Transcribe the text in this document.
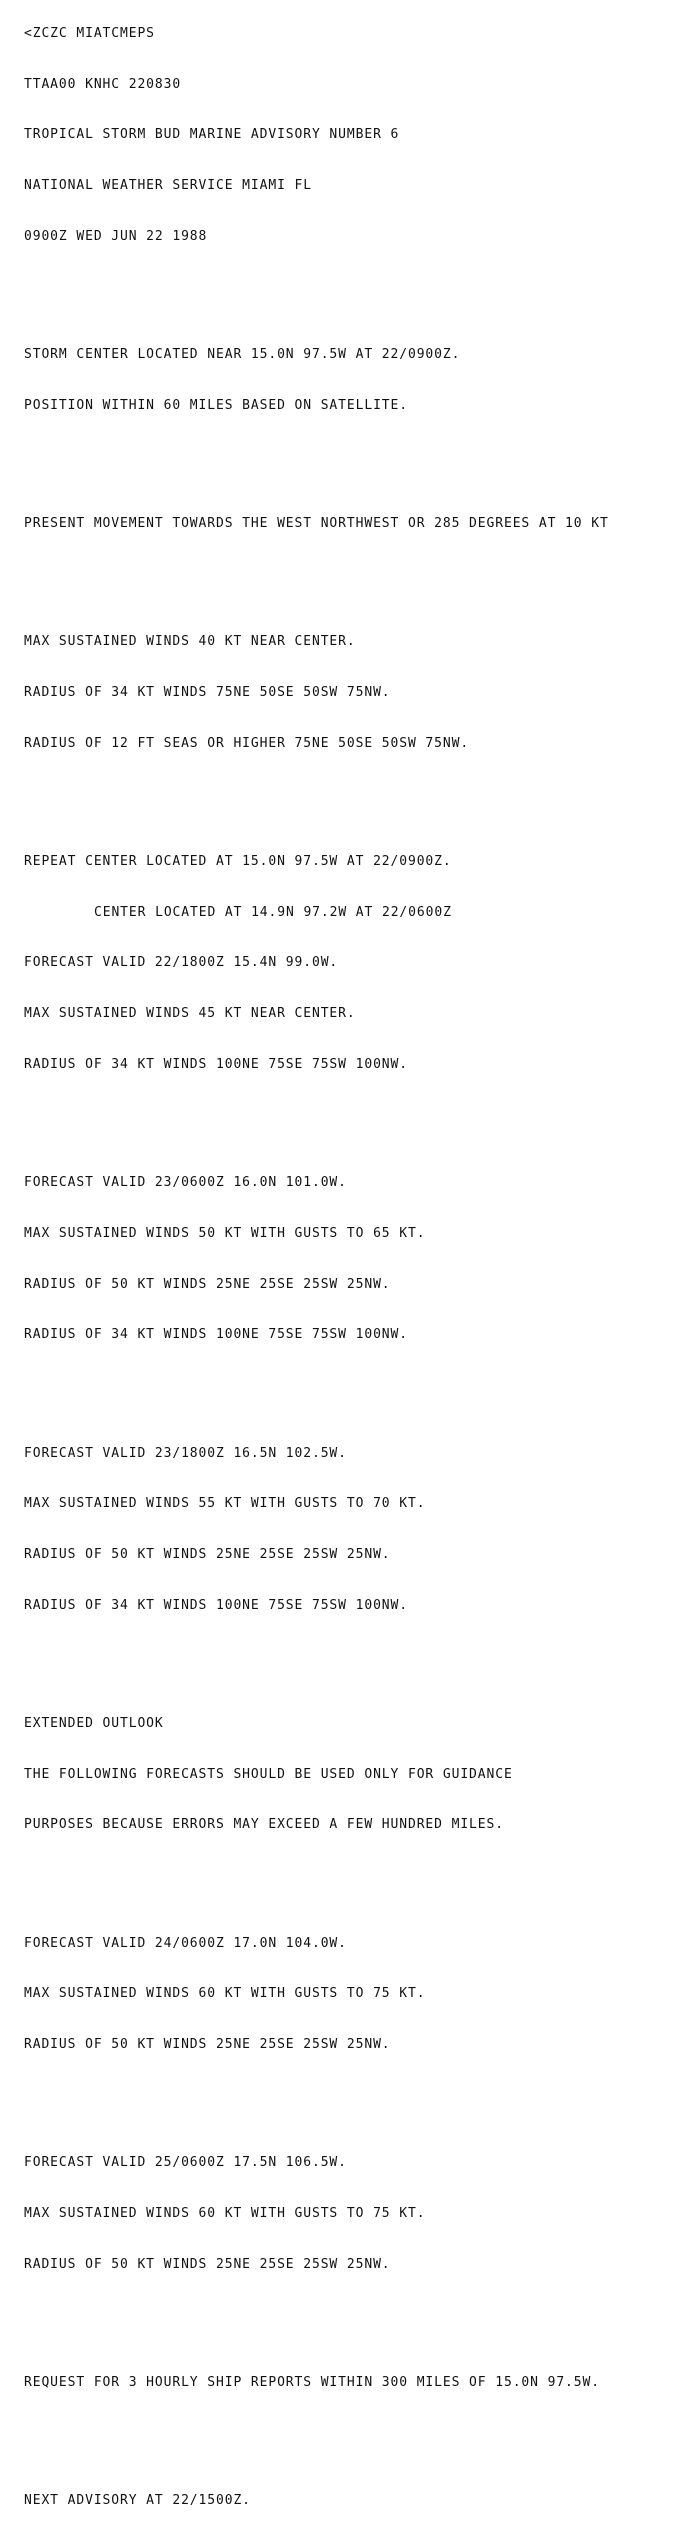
<ZCZC MIATCMEPS

TTAA00 KNHC 220830

TROPICAL STORM BUD MARINE ADVISORY NUMBER 6

NATIONAL WEATHER SERVICE MIAMI FL

0900Z WED JUN 22 1988

STORM CENTER LOCATED NEAR 15.0N 97.5W AT 22/0900Z.

POSITION WITHIN 60 MILES BASED ON SATELLITE.

PRESENT MOVEMENT TOWARDS THE WEST NORTHWEST OR 285 DEGREES AT 10 KT

MAX SUSTAINED WINDS 40 KT NEAR CENTER.

RADIUS OF 34 KT WINDS 75NE 50SE 50SW 75NW.

RADIUS OF 12 FT SEAS OR HIGHER 75NE 50SE 50SW 75NW.

REPEAT CENTER LOCATED AT 15.0N 97.5W AT 22/0900Z.

CENTER LOCATED AT 14.9N 97.2W AT 22/0600Z

FORECAST VALID 22/1800Z 15.4N 99.0W.

MAX SUSTAINED WINDS 45 KT NEAR CENTER.

RADIUS OF 34 KT WINDS 100NE 75SE 75SW 100NW.

FORECAST VALID 23/0600Z 16.0N 101.0W.

MAX SUSTAINED WINDS 50 KT WITH GUSTS TO 65 KT.

RADIUS OF 50 KT WINDS 25NE 25SE 25SW 25NW.

RADIUS OF 34 KT WINDS 100NE 75SE 75SW 100NW.

FORECAST VALID 23/1800Z 16.5N 102.5W.

MAX SUSTAINED WINDS 55 KT WITH GUSTS TO 70 KT.

RADIUS OF 50 KT WINDS 25NE 25SE 25SW 25NW.

RADIUS OF 34 KT WINDS 100NE 75SE 75SW 100NW.

EXTENDED OUTLOOK

THE FOLLOWING FORECASTS SHOULD BE USED ONLY FOR GUIDANCE

PURPOSES BECAUSE ERRORS MAY EXCEED A FEW HUNDRED MILES.

FORECAST VALID 24/0600Z 17.0N 104.0W.

MAX SUSTAINED WINDS 60 KT WITH GUSTS TO 75 KT.

RADIUS OF 50 KT WINDS 25NE 25SE 25SW 25NW.

FORECAST VALID 25/0600Z 17.5N 106.5W.

MAX SUSTAINED WINDS 60 KT WITH GUSTS TO 75 KT.

RADIUS OF 50 KT WINDS 25NE 25SE 25SW 25NW.

REQUEST FOR 3 HOURLY SHIP REPORTS WITHIN 300 MILES OF 15.0N 97.5W.

NEXT ADVISORY AT 22/1500Z.
